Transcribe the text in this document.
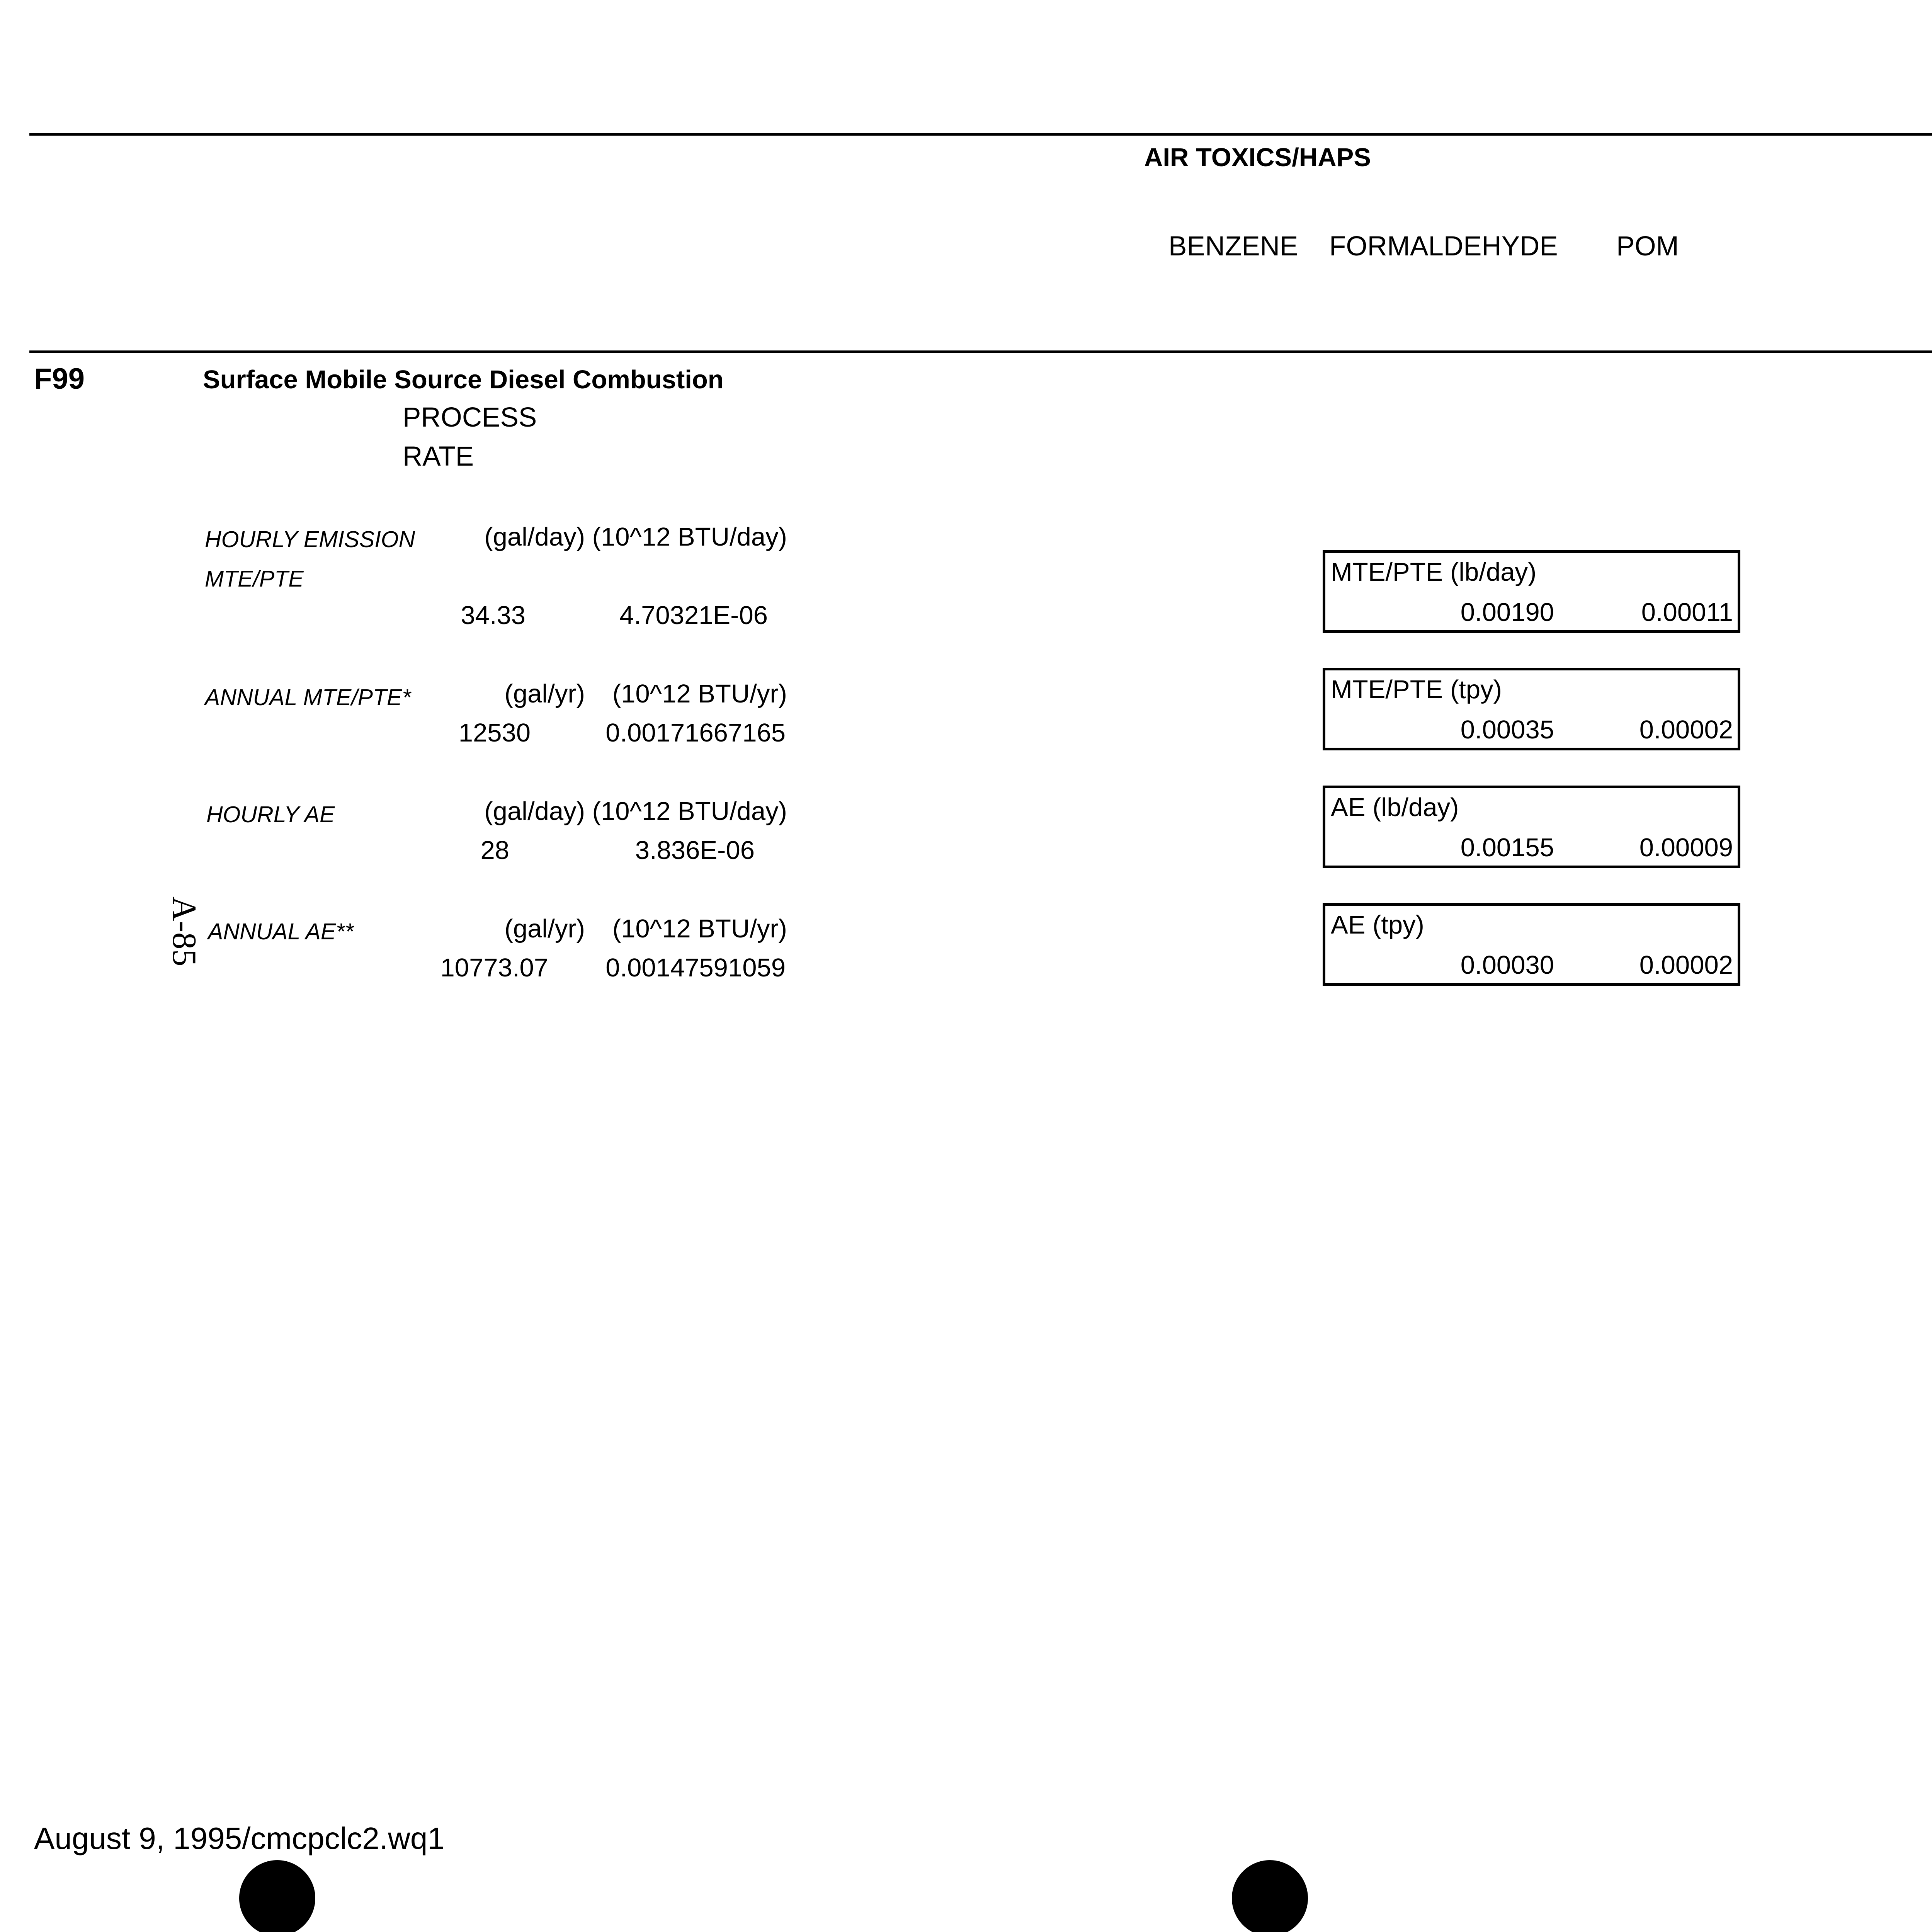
AIR TOXICS/HAPS
BENZENE FORMALDEHYDE POM
F99	Surface Mobile Source Diesel Combustion
PROCESS
RATE
HOURLY EMISSION
MTE/PTE
(gal/day) (10^12 BTU/day)
34.33	4.70321E-06
ANNUAL MTE/PTE*	(gal/yr) (10^12 BTU/yr)
12530	0.00171667165
HOURLY AE	(gal/day) (10^12 BTU/day)
28	3.836E-06
ANNUAL AE**	(gal/yr) (10^12 BTU/yr)
10773.07 0.00147591059
A-85
MTE/PTE (lb/day)
0.00190	0.00011
MTE/PTE (tpy)
0.00035	0.00002
AE (lb/day)
0.00155	0.00009
AE (tpy)
0.00030	0.00002
August 9, 1995/cmcpclc2.wq1
